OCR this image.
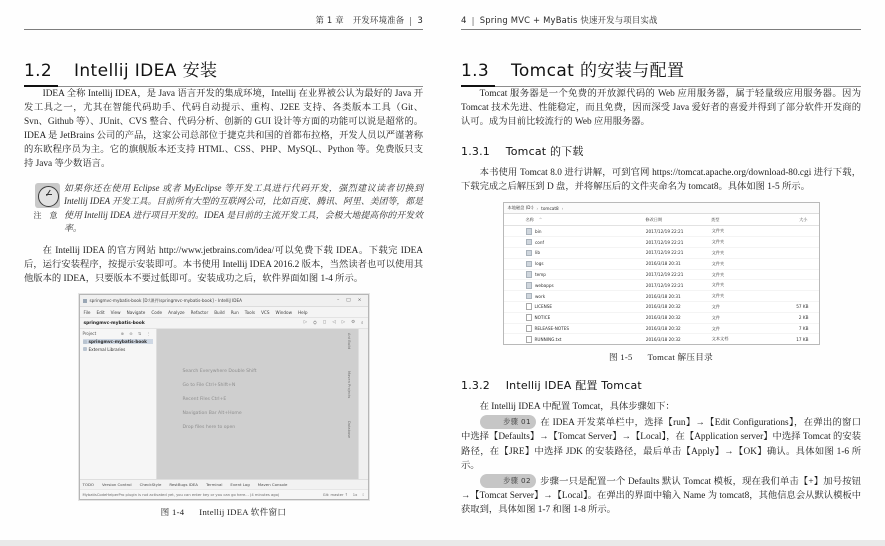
第 1 章 开发环境准备 | 3
1.2 Intellij IDEA 安装

IDEA 全称 Intellij IDEA，是 Java 语言开发的集成环境，Intellij 在业界被公认为最好的 Java 开发工具之一，尤其在智能代码助手、代码自动提示、重构、J2EE 支持、各类版本工具（Git、Svn、Github 等）、JUnit、CVS 整合、代码分析、创新的 GUI 设计等方面的功能可以说是超常的。IDEA 是 JetBrains 公司的产品，这家公司总部位于捷克共和国的首都布拉格，开发人员以严谨著称的东欧程序员为主。它的旗舰版本还支持 HTML、CSS、PHP、MySQL、Python 等。免费版只支持 Java 等少数语言。

注 意
如果你还在使用 Eclipse 或者 MyEclipse 等开发工具进行代码开发，强烈建议读者切换到 Intellij IDEA 开发工具。目前所有大型的互联网公司，比如百度、腾讯、阿里、美团等，都是使用 Intellij IDEA 进行项目开发的。IDEA 是目前的主流开发工具，会极大地提高你的开发效率。

在 Intellij IDEA 的官方网站 http://www.jetbrains.com/idea/可以免费下载 IDEA。下载完 IDEA 后，运行安装程序，按提示安装即可。本书使用 Intellij IDEA 2016.2 版本，当然读者也可以使用其他版本的 IDEA，只要版本不要过低即可。安装成功之后，软件界面如图 1-4 所示。

springmvc-mybatis-book [D:\课件\springmvc-mybatis-book] - IntelliJ IDEA	– □ ×
File Edit View Navigate Code Analyze Refactor Build Run Tools VCS Window Help
springmvc-mybatis-book	▷ ⛭ ◻ ◁ ▷ ⚙ ⌕
Project	⊕ ⊖ ⇅ ⋮
springmvc-mybatis-book
External Libraries
Search Everywhere Double Shift
Go to File Ctrl+Shift+N
Recent Files Ctrl+E
Navigation Bar Alt+Home
Drop files here to open
Ant Build
Maven Projects
Database
TODO Version Control CheckStyle RestBugs IDEA Terminal Event Log Maven Console
MybatisCodeHelperPro plugin is not activated yet, you can enter key or you can go here... (4 minutes ago)	Git: master ↑ 1x ⌷
图 1-4 Intellij IDEA 软件窗口
4 | Spring MVC + MyBatis 快速开发与项目实战
1.3 Tomcat 的安装与配置

Tomcat 服务器是一个免费的开放源代码的 Web 应用服务器，属于轻量级应用服务器。因为 Tomcat 技术先进、性能稳定，而且免费，因而深受 Java 爱好者的喜爱并得到了部分软件开发商的认可。成为目前比较流行的 Web 应用服务器。

1.3.1 Tomcat 的下载

本书使用 Tomcat 8.0 进行讲解，可到官网 https://tomcat.apache.org/download-80.cgi 进行下载，下载完成之后解压到 D 盘，并将解压后的文件夹命名为 tomcat8。具体如图 1-5 所示。

本地磁盘 (D:) › tomcat8 ›
名称 ^	修改日期	类型	大小
bin	2017/12/19 22:21	文件夹
conf	2017/12/19 22:21	文件夹
lib	2017/12/19 22:21	文件夹
logs	2016/3/18 20:31	文件夹
temp	2017/12/19 22:21	文件夹
webapps	2017/12/19 22:21	文件夹
work	2016/3/18 20:31	文件夹
LICENSE	2016/3/18 20:32	文件	57 KB
NOTICE	2016/3/18 20:32	文件	2 KB
RELEASE-NOTES	2016/3/18 20:32	文件	7 KB
RUNNING.txt	2016/3/18 20:32	文本文档	17 KB
图 1-5 Tomcat 解压目录
1.3.2 Intellij IDEA 配置 Tomcat

在 Intellij IDEA 中配置 Tomcat，具体步骤如下：

步骤 01 在 IDEA 开发菜单栏中，选择【run】→【Edit Configurations】，在弹出的窗口中选择【Defaults】→【Tomcat Server】→【Local】，在【Application server】中选择 Tomcat 的安装路径，在【JRE】中选择 JDK 的安装路径，最后单击【Apply】→【OK】确认。具体如图 1-6 所示。

步骤 02 步骤一只是配置一个 Defaults 默认 Tomcat 模板，现在我们单击【+】加号按钮→【Tomcat Server】→【Local】。在弹出的界面中输入 Name 为 tomcat8，其他信息会从默认模板中获取到，具体如图 1-7 和图 1-8 所示。
